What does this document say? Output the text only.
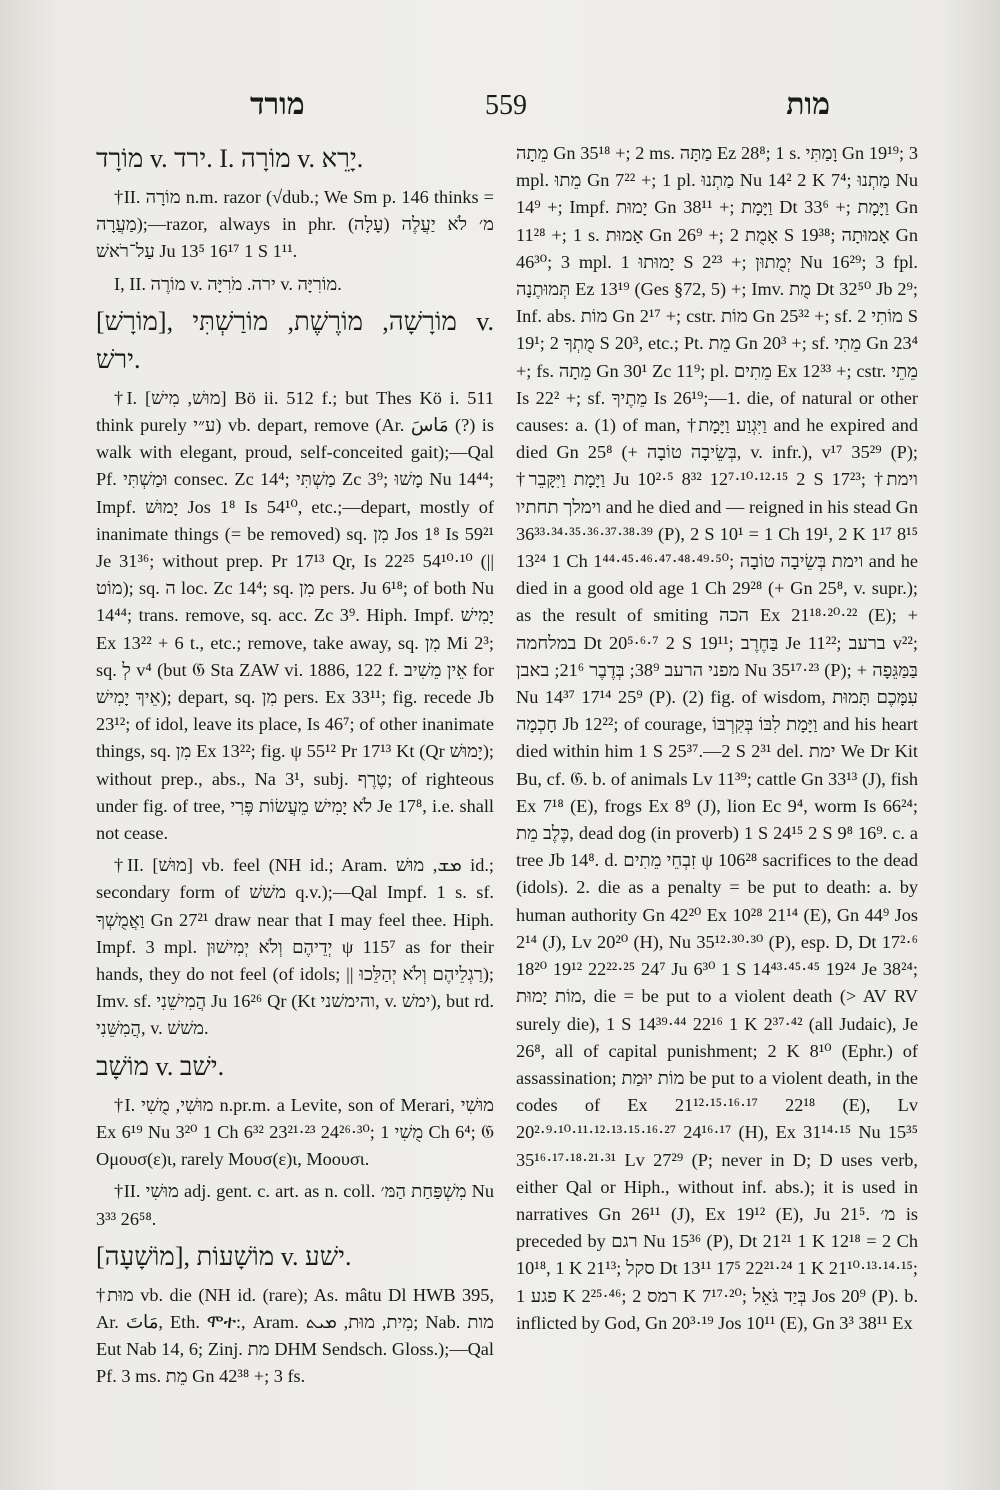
מורד	559	מות

מוֹרָד v. ירד. I. מוֹרָה v. יָרֵא.

†II. מוֹרָה n.m. razor (√dub.; We Sm p. 146 thinks = מַעֲרָה);—razor, always in phr. מ׳ לֹא יַעֲלֶה (עָלָה) עַל־רֹאשׁ Ju 13⁵ 16¹⁷ 1 S 1¹¹.

I, II. מוֹרֶה v. ירה. מֹרִיָּה v. מוֹרִיָּה.

[מוֹרָשׁ], מוֹרָשָׁה, מוֹרֶשֶׁת, מוֹרַשְׁתִּי v. ירשׁ.

†I. [מוּשׁ, מִישׁ] Bö ii. 512 f.; but Thes Kö i. 511 think purely ע״י) vb. depart, remove (Ar. مَاسَ (?) is walk with elegant, proud, self-conceited gait);—Qal Pf. וּמַשְׁתִּי consec. Zc 14⁴; מַשְׁתִּי Zc 3⁹; מָשׁוּ Nu 14⁴⁴; Impf. יָמוּשׁ Jos 1⁸ Is 54¹⁰, etc.;—depart, mostly of inanimate things (= be removed) sq. מִן Jos 1⁸ Is 59²¹ Je 31³⁶; without prep. Pr 17¹³ Qr, Is 22²⁵ 54¹⁰·¹⁰ (|| מוֹט); sq. ה loc. Zc 14⁴; sq. מִן pers. Ju 6¹⁸; of both Nu 14⁴⁴; trans. remove, sq. acc. Zc 3⁹. Hiph. Impf. יָמִישׁ Ex 13²² + 6 t., etc.; remove, take away, sq. מִן Mi 2³; sq. לְ v⁴ (but 𝔊 Sta ZAW vi. 1886, 122 f. אֵין מֵשִׁיב for אֵיךְ יָמִישׁ); depart, sq. מִן pers. Ex 33¹¹; fig. recede Jb 23¹²; of idol, leave its place, Is 46⁷; of other inanimate things, sq. מִן Ex 13²²; fig. ψ 55¹² Pr 17¹³ Kt (Qr יָמוּשׁ); without prep., abs., Na 3¹, subj. טֶרֶף; of righteous under fig. of tree, לֹא יָמִישׁ מֵעֲשׂוֹת פֶּרִי Je 17⁸, i.e. shall not cease.

†II. [מוּשׁ] vb. feel (NH id.; Aram. ܡܫ, מוּשׁ id.; secondary form of משׁשׁ q.v.);—Qal Impf. 1 s. sf. וַאֲמֻשְׁךָ Gn 27²¹ draw near that I may feel thee. Hiph. Impf. 3 mpl. יְדֵיהֶם וְלֹא יְמִישׁוּן ψ 115⁷ as for their hands, they do not feel (of idols; || רַגְלֵיהֶם וְלֹא יְהַלֵּכוּ); Imv. sf. הֲמִישֵׁנִי Ju 16²⁶ Qr (Kt והימשׁני, v. ימשׁ), but rd. הֲמִשֵּׁנִי, v. משׁשׁ.

מוֹשָׁב v. ישׁב.

†I. מוּשִׁי, מֻשִׁי n.pr.m. a Levite, son of Merari, מוּשִׁי Ex 6¹⁹ Nu 3²⁰ 1 Ch 6³² 23²¹·²³ 24²⁶·³⁰; מֻשִׁי 1 Ch 6⁴; 𝔊 Ομουσ(ε)ι, rarely Μουσ(ε)ι, Μοουσι.

†II. מוּשִׁי adj. gent. c. art. as n. coll. מִשְׁפַּחַת הַמּ׳ Nu 3³³ 26⁵⁸.

[מוֹשָׁעָה], מוֹשָׁעוֹת v. ישׁע.

†מוּת vb. die (NH id. (rare); As. mâtu Dl HWB 395, Ar. مَاتَ, Eth. ሞተ:, Aram. מִית, מוּת, ܡܝܬ; Nab. מות Eut Nab 14, 6; Zinj. מת DHM Sendsch. Gloss.);—Qal Pf. 3 ms. מֵת Gn 42³⁸ +; 3 fs.

מֵתָה Gn 35¹⁸ +; 2 ms. מַתָּה Ez 28⁸; 1 s. וָמַתִּי Gn 19¹⁹; 3 mpl. מֵתוּ Gn 7²² +; 1 pl. מַתְנוּ Nu 14² 2 K 7⁴; מַתְנוּ Nu 14⁹ +; Impf. יָמוּת Gn 38¹¹ +; וַיָּמָת Dt 33⁶ +; וַיָּמָת Gn 11²⁸ +; 1 s. אָמוּת Gn 26⁹ +; אָמֻת 2 S 19³⁸; אָמוּתָה Gn 46³⁰; 3 mpl. יָמוּתוּ 1 S 2²³ +; יְמֻתוּן Nu 16²⁹; 3 fpl. תְּמוּתֶנָה Ez 13¹⁹ (Ges §72, 5) +; Imv. מֻת Dt 32⁵⁰ Jb 2⁹; Inf. abs. מוֹת Gn 2¹⁷ +; cstr. מוֹת Gn 25³² +; sf. מוֹתִי 2 S 19¹; מֻתְךָ 2 S 20³, etc.; Pt. מֵת Gn 20³ +; sf. מֵתִי Gn 23⁴ +; fs. מֵתָה Gn 30¹ Zc 11⁹; pl. מֵתִים Ex 12³³ +; cstr. מֵתֵי Is 22² +; sf. מֵתֶיךָ Is 26¹⁹;—1. die, of natural or other causes: a. (1) of man, †וַיִּגְוַע וַיָּמָת and he expired and died Gn 25⁸ (+ בְּשֵׂיבָה טוֹבָה, v. infr.), v¹⁷ 35²⁹ (P); †וַיָּמָת וַיִּקָּבֵר Ju 10²·⁵ 8³² 12⁷·¹⁰·¹²·¹⁵ 2 S 17²³; †וימת וימלך תחתיו and he died and — reigned in his stead Gn 36³³·³⁴·³⁵·³⁶·³⁷·³⁸·³⁹ (P), 2 S 10¹ = 1 Ch 19¹, 2 K 1¹⁷ 8¹⁵ 13²⁴ 1 Ch 1⁴⁴·⁴⁵·⁴⁶·⁴⁷·⁴⁸·⁴⁹·⁵⁰; וימת בְּשֵׂיבָה טוֹבָה and he died in a good old age 1 Ch 29²⁸ (+ Gn 25⁸, v. supr.); as the result of smiting הכה Ex 21¹⁸·²⁰·²² (E); + במלחמה Dt 20⁵·⁶·⁷ 2 S 19¹¹; בַּחֶרֶב Je 11²²; ברעב v²²; מפני הרעב 38⁹; בְּדֶבֶר 21⁶; באבן Nu 35¹⁷·²³ (P); + בַּמַּגֵּפָה Nu 14³⁷ 17¹⁴ 25⁹ (P). (2) fig. of wisdom, עִמָּכֶם תָּמוּת חָכְמָה Jb 12²²; of courage, וַיָּמָת לִבּוֹ בְּקִרְבּוֹ and his heart died within him 1 S 25³⁷.—2 S 2³¹ del. ימת We Dr Kit Bu, cf. 𝔊. b. of animals Lv 11³⁹; cattle Gn 33¹³ (J), fish Ex 7¹⁸ (E), frogs Ex 8⁹ (J), lion Ec 9⁴, worm Is 66²⁴; כֶּלֶב מֵת, dead dog (in proverb) 1 S 24¹⁵ 2 S 9⁸ 16⁹. c. a tree Jb 14⁸. d. זִבְחֵי מֵתִים ψ 106²⁸ sacrifices to the dead (idols). 2. die as a penalty = be put to death: a. by human authority Gn 42²⁰ Ex 10²⁸ 21¹⁴ (E), Gn 44⁹ Jos 2¹⁴ (J), Lv 20²⁰ (H), Nu 35¹²·³⁰·³⁰ (P), esp. D, Dt 17²·⁶ 18²⁰ 19¹² 22²²·²⁵ 24⁷ Ju 6³⁰ 1 S 14⁴³·⁴⁵·⁴⁵ 19²⁴ Je 38²⁴; מוֹת יָמוּת, die = be put to a violent death (> AV RV surely die), 1 S 14³⁹·⁴⁴ 22¹⁶ 1 K 2³⁷·⁴² (all Judaic), Je 26⁸, all of capital punishment; 2 K 8¹⁰ (Ephr.) of assassination; מוֹת יוּמַת be put to a violent death, in the codes of Ex 21¹²·¹⁵·¹⁶·¹⁷ 22¹⁸ (E), Lv 20²·⁹·¹⁰·¹¹·¹²·¹³·¹⁵·¹⁶·²⁷ 24¹⁶·¹⁷ (H), Ex 31¹⁴·¹⁵ Nu 15³⁵ 35¹⁶·¹⁷·¹⁸·²¹·³¹ Lv 27²⁹ (P; never in D; D uses verb, either Qal or Hiph., without inf. abs.); it is used in narratives Gn 26¹¹ (J), Ex 19¹² (E), Ju 21⁵. מ׳ is preceded by רגם Nu 15³⁶ (P), Dt 21²¹ 1 K 12¹⁸ = 2 Ch 10¹⁸, 1 K 21¹³; סקל Dt 13¹¹ 17⁵ 22²¹·²⁴ 1 K 21¹⁰·¹³·¹⁴·¹⁵; פגע 1 K 2²⁵·⁴⁶; רמס 2 K 7¹⁷·²⁰; בְּיַד גֹּאֵל Jos 20⁹ (P). b. inflicted by God, Gn 20³·¹⁹ Jos 10¹¹ (E), Gn 3³ 38¹¹ Ex
